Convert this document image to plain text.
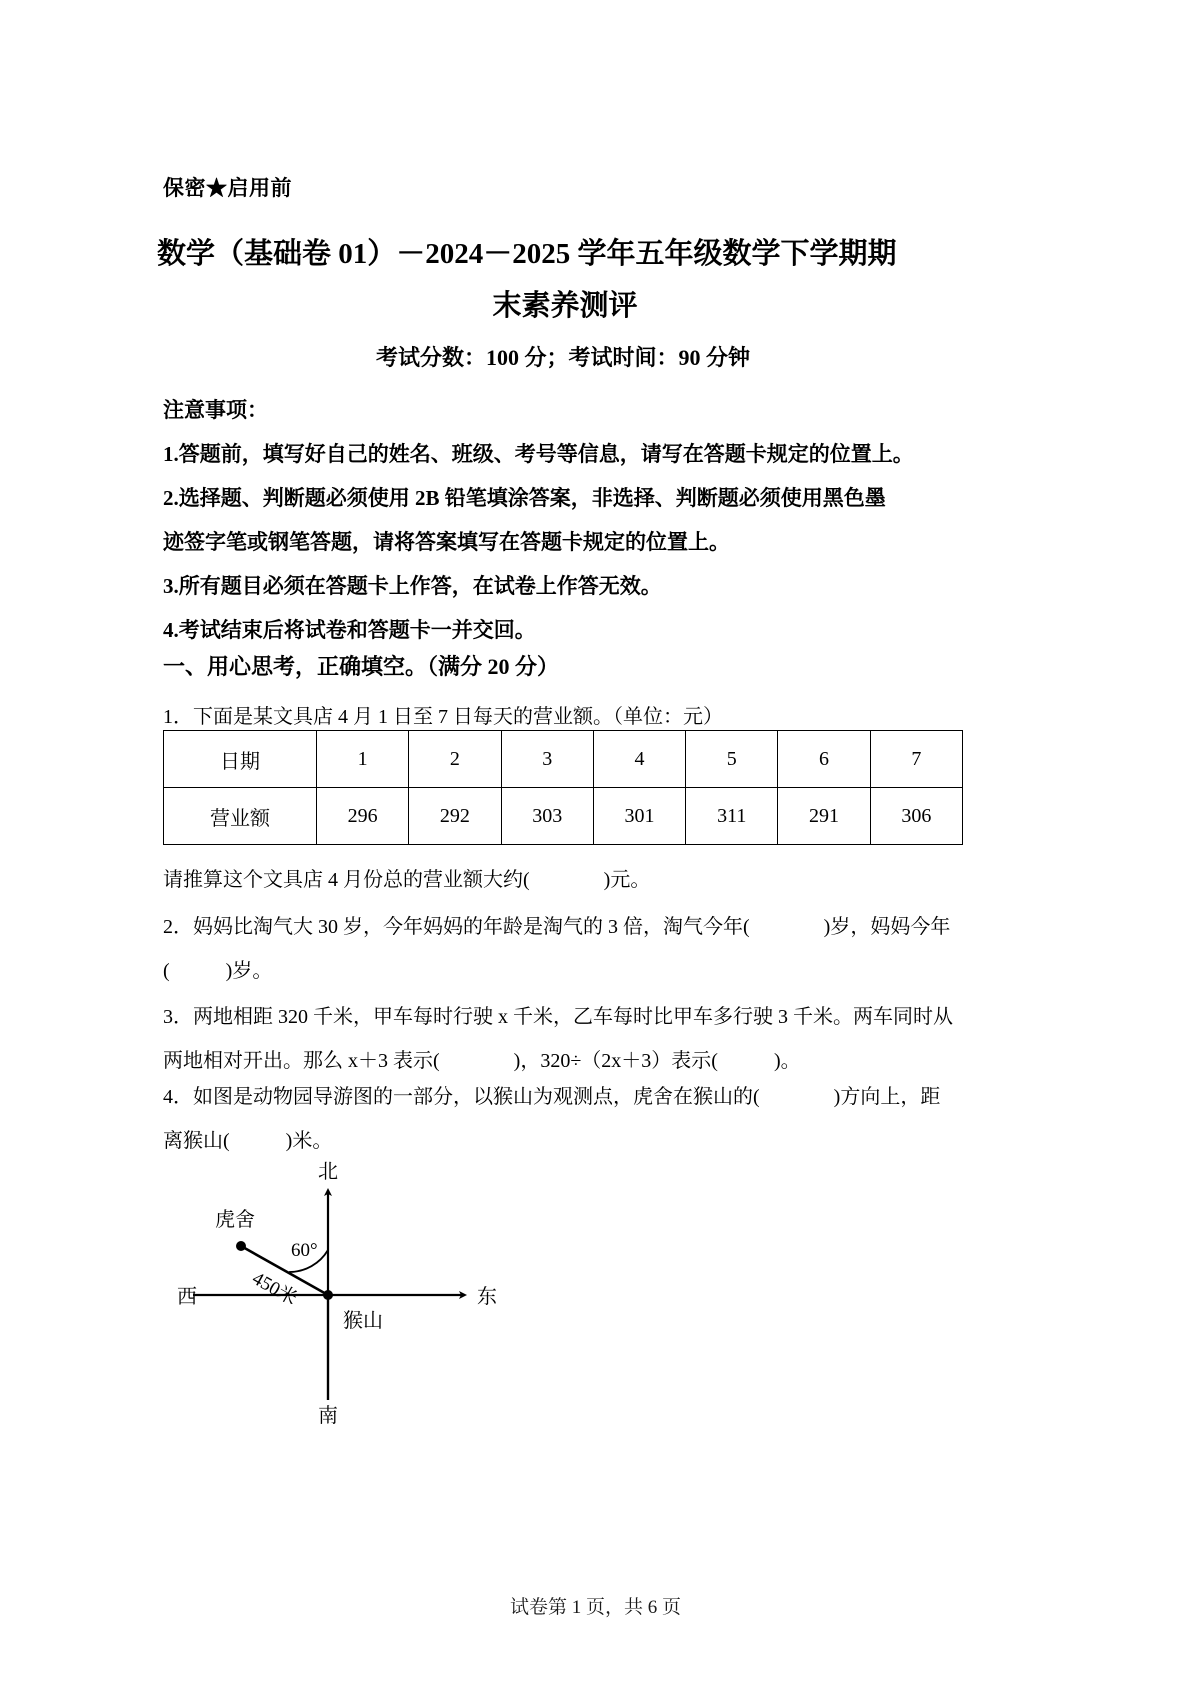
保密★启用前
数学（基础卷 01）－2024－2025 学年五年级数学下学期期
末素养测评
考试分数：100 分；考试时间：90 分钟

注意事项：

1.答题前，填写好自己的姓名、班级、考号等信息，请写在答题卡规定的位置上。

2.选择题、判断题必须使用 2B 铅笔填涂答案，非选择、判断题必须使用黑色墨

迹签字笔或钢笔答题，请将答案填写在答题卡规定的位置上。

3.所有题目必须在答题卡上作答，在试卷上作答无效。

4.考试结束后将试卷和答题卡一并交回。

一、用心思考，正确填空。（满分 20 分）
1．下面是某文具店 4 月 1 日至 7 日每天的营业额。（单位：元）
日期	1	2	3	4	5	6	7
营业额	296	292	303	301	311	291	306
请推算这个文具店 4 月份总的营业额大约(	)元。
2．妈妈比淘气大 30 岁，今年妈妈的年龄是淘气的 3 倍，淘气今年(	)岁，妈妈今年
(	)岁。
3．两地相距 320 千米，甲车每时行驶 x 千米，乙车每时比甲车多行驶 3 千米。两车同时从
两地相对开出。那么 x＋3 表示(	)，320÷（2x＋3）表示(	)。
4．如图是动物园导游图的一部分，以猴山为观测点，虎舍在猴山的(	)方向上，距
离猴山(	)米。
北
南
东
西
虎舍
猴山
60°
450米
试卷第 1 页，共 6 页
